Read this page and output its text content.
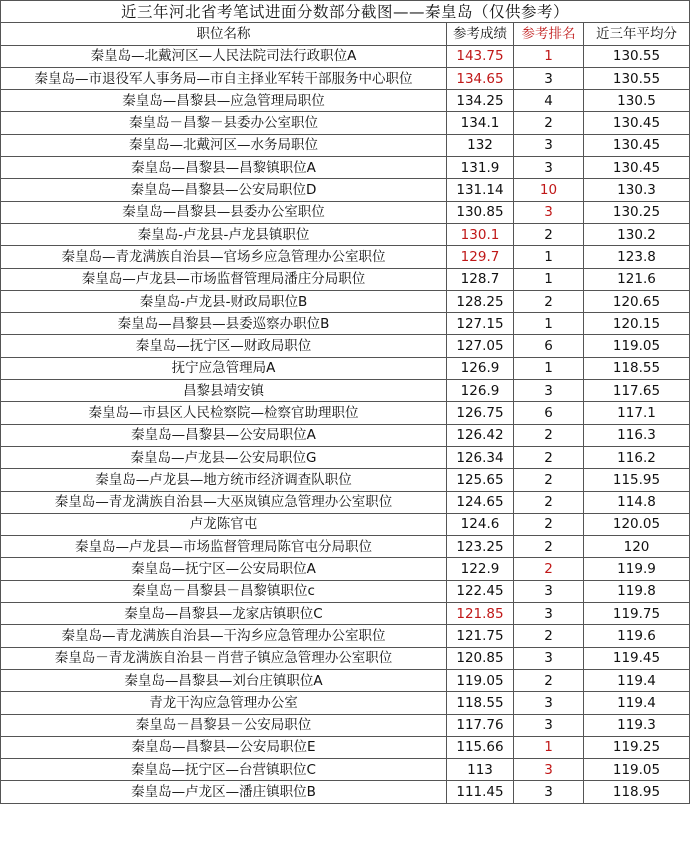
近三年河北省考笔试进面分数部分截图——秦皇岛（仅供参考）			
职位名称	参考成绩	参考排名	近三年平均分
秦皇岛—北戴河区—人民法院司法行政职位A	143.75	1	130.55
秦皇岛—市退役军人事务局—市自主择业军转干部服务中心职位	134.65	3	130.55
秦皇岛—昌黎县—应急管理局职位	134.25	4	130.5
秦皇岛－昌黎－县委办公室职位	134.1	2	130.45
秦皇岛—北戴河区—水务局职位	132	3	130.45
秦皇岛—昌黎县—昌黎镇职位A	131.9	3	130.45
秦皇岛—昌黎县—公安局职位D	131.14	10	130.3
秦皇岛—昌黎县—县委办公室职位	130.85	3	130.25
秦皇岛-卢龙县-卢龙县镇职位	130.1	2	130.2
秦皇岛—青龙满族自治县—官场乡应急管理办公室职位	129.7	1	123.8
秦皇岛—卢龙县—市场监督管理局潘庄分局职位	128.7	1	121.6
秦皇岛-卢龙县-财政局职位B	128.25	2	120.65
秦皇岛—昌黎县—县委巡察办职位B	127.15	1	120.15
秦皇岛—抚宁区—财政局职位	127.05	6	119.05
抚宁应急管理局A	126.9	1	118.55
昌黎县靖安镇	126.9	3	117.65
秦皇岛—市县区人民检察院—检察官助理职位	126.75	6	117.1
秦皇岛—昌黎县—公安局职位A	126.42	2	116.3
秦皇岛—卢龙县—公安局职位G	126.34	2	116.2
秦皇岛—卢龙县—地方统市经济调查队职位	125.65	2	115.95
秦皇岛—青龙满族自治县—大巫岚镇应急管理办公室职位	124.65	2	114.8
卢龙陈官屯	124.6	2	120.05
秦皇岛—卢龙县—市场监督管理局陈官屯分局职位	123.25	2	120
秦皇岛—抚宁区—公安局职位A	122.9	2	119.9
秦皇岛－昌黎县－昌黎镇职位c	122.45	3	119.8
秦皇岛—昌黎县—龙家店镇职位C	121.85	3	119.75
秦皇岛—青龙满族自治县—干沟乡应急管理办公室职位	121.75	2	119.6
秦皇岛－青龙满族自治县－肖营子镇应急管理办公室职位	120.85	3	119.45
秦皇岛—昌黎县—刘台庄镇职位A	119.05	2	119.4
青龙干沟应急管理办公室	118.55	3	119.4
秦皇岛－昌黎县－公安局职位	117.76	3	119.3
秦皇岛—昌黎县—公安局职位E	115.66	1	119.25
秦皇岛—抚宁区—台营镇职位C	113	3	119.05
秦皇岛—卢龙区—潘庄镇职位B	111.45	3	118.95
